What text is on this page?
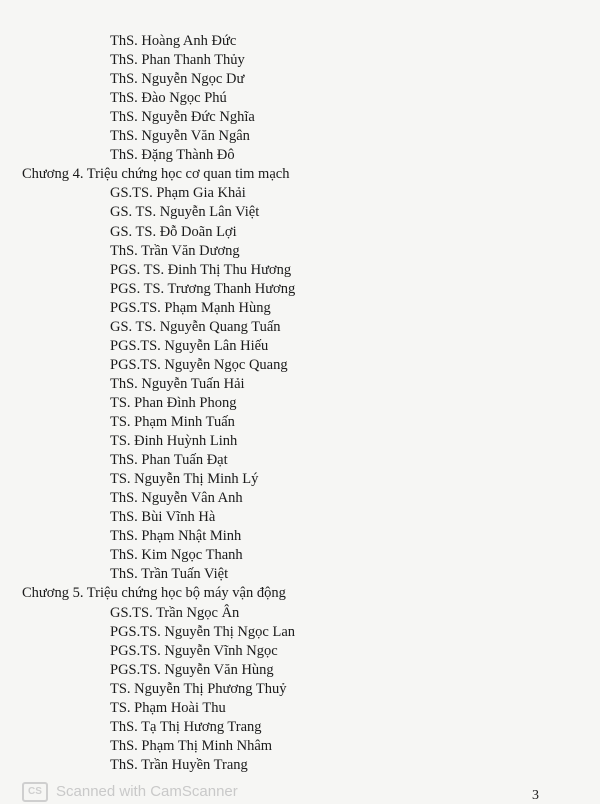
ThS. Hoàng Anh Đức
ThS. Phan Thanh Thủy
ThS. Nguyễn Ngọc Dư
ThS. Đào Ngọc Phú
ThS. Nguyễn Đức Nghĩa
ThS. Nguyễn Văn Ngân
ThS. Đặng Thành Đô
Chương 4. Triệu chứng học cơ quan tim mạch
GS.TS. Phạm Gia Khải
GS. TS. Nguyễn Lân Việt
GS. TS. Đỗ Doãn Lợi
ThS. Trần Văn Dương
PGS. TS. Đinh Thị Thu Hương
PGS. TS. Trương Thanh Hương
PGS.TS. Phạm Mạnh Hùng
GS. TS. Nguyễn Quang Tuấn
PGS.TS. Nguyễn Lân Hiếu
PGS.TS. Nguyễn Ngọc Quang
ThS. Nguyễn Tuấn Hải
TS. Phan Đình Phong
TS. Phạm Minh Tuấn
TS. Đinh Huỳnh Linh
ThS. Phan Tuấn Đạt
TS. Nguyễn Thị Minh Lý
ThS. Nguyễn Vân Anh
ThS. Bùi Vĩnh Hà
ThS. Phạm Nhật Minh
ThS. Kim Ngọc Thanh
ThS. Trần Tuấn Việt
Chương 5. Triệu chứng học bộ máy vận động
GS.TS. Trần Ngọc Ân
PGS.TS. Nguyễn Thị Ngọc Lan
PGS.TS. Nguyễn Vĩnh Ngọc
PGS.TS. Nguyễn Văn Hùng
TS. Nguyễn Thị Phương Thuỷ
TS. Phạm Hoài Thu
ThS. Tạ Thị Hương Trang
ThS. Phạm Thị Minh Nhâm
ThS. Trần Huyền Trang
CS Scanned with CamScanner	3
